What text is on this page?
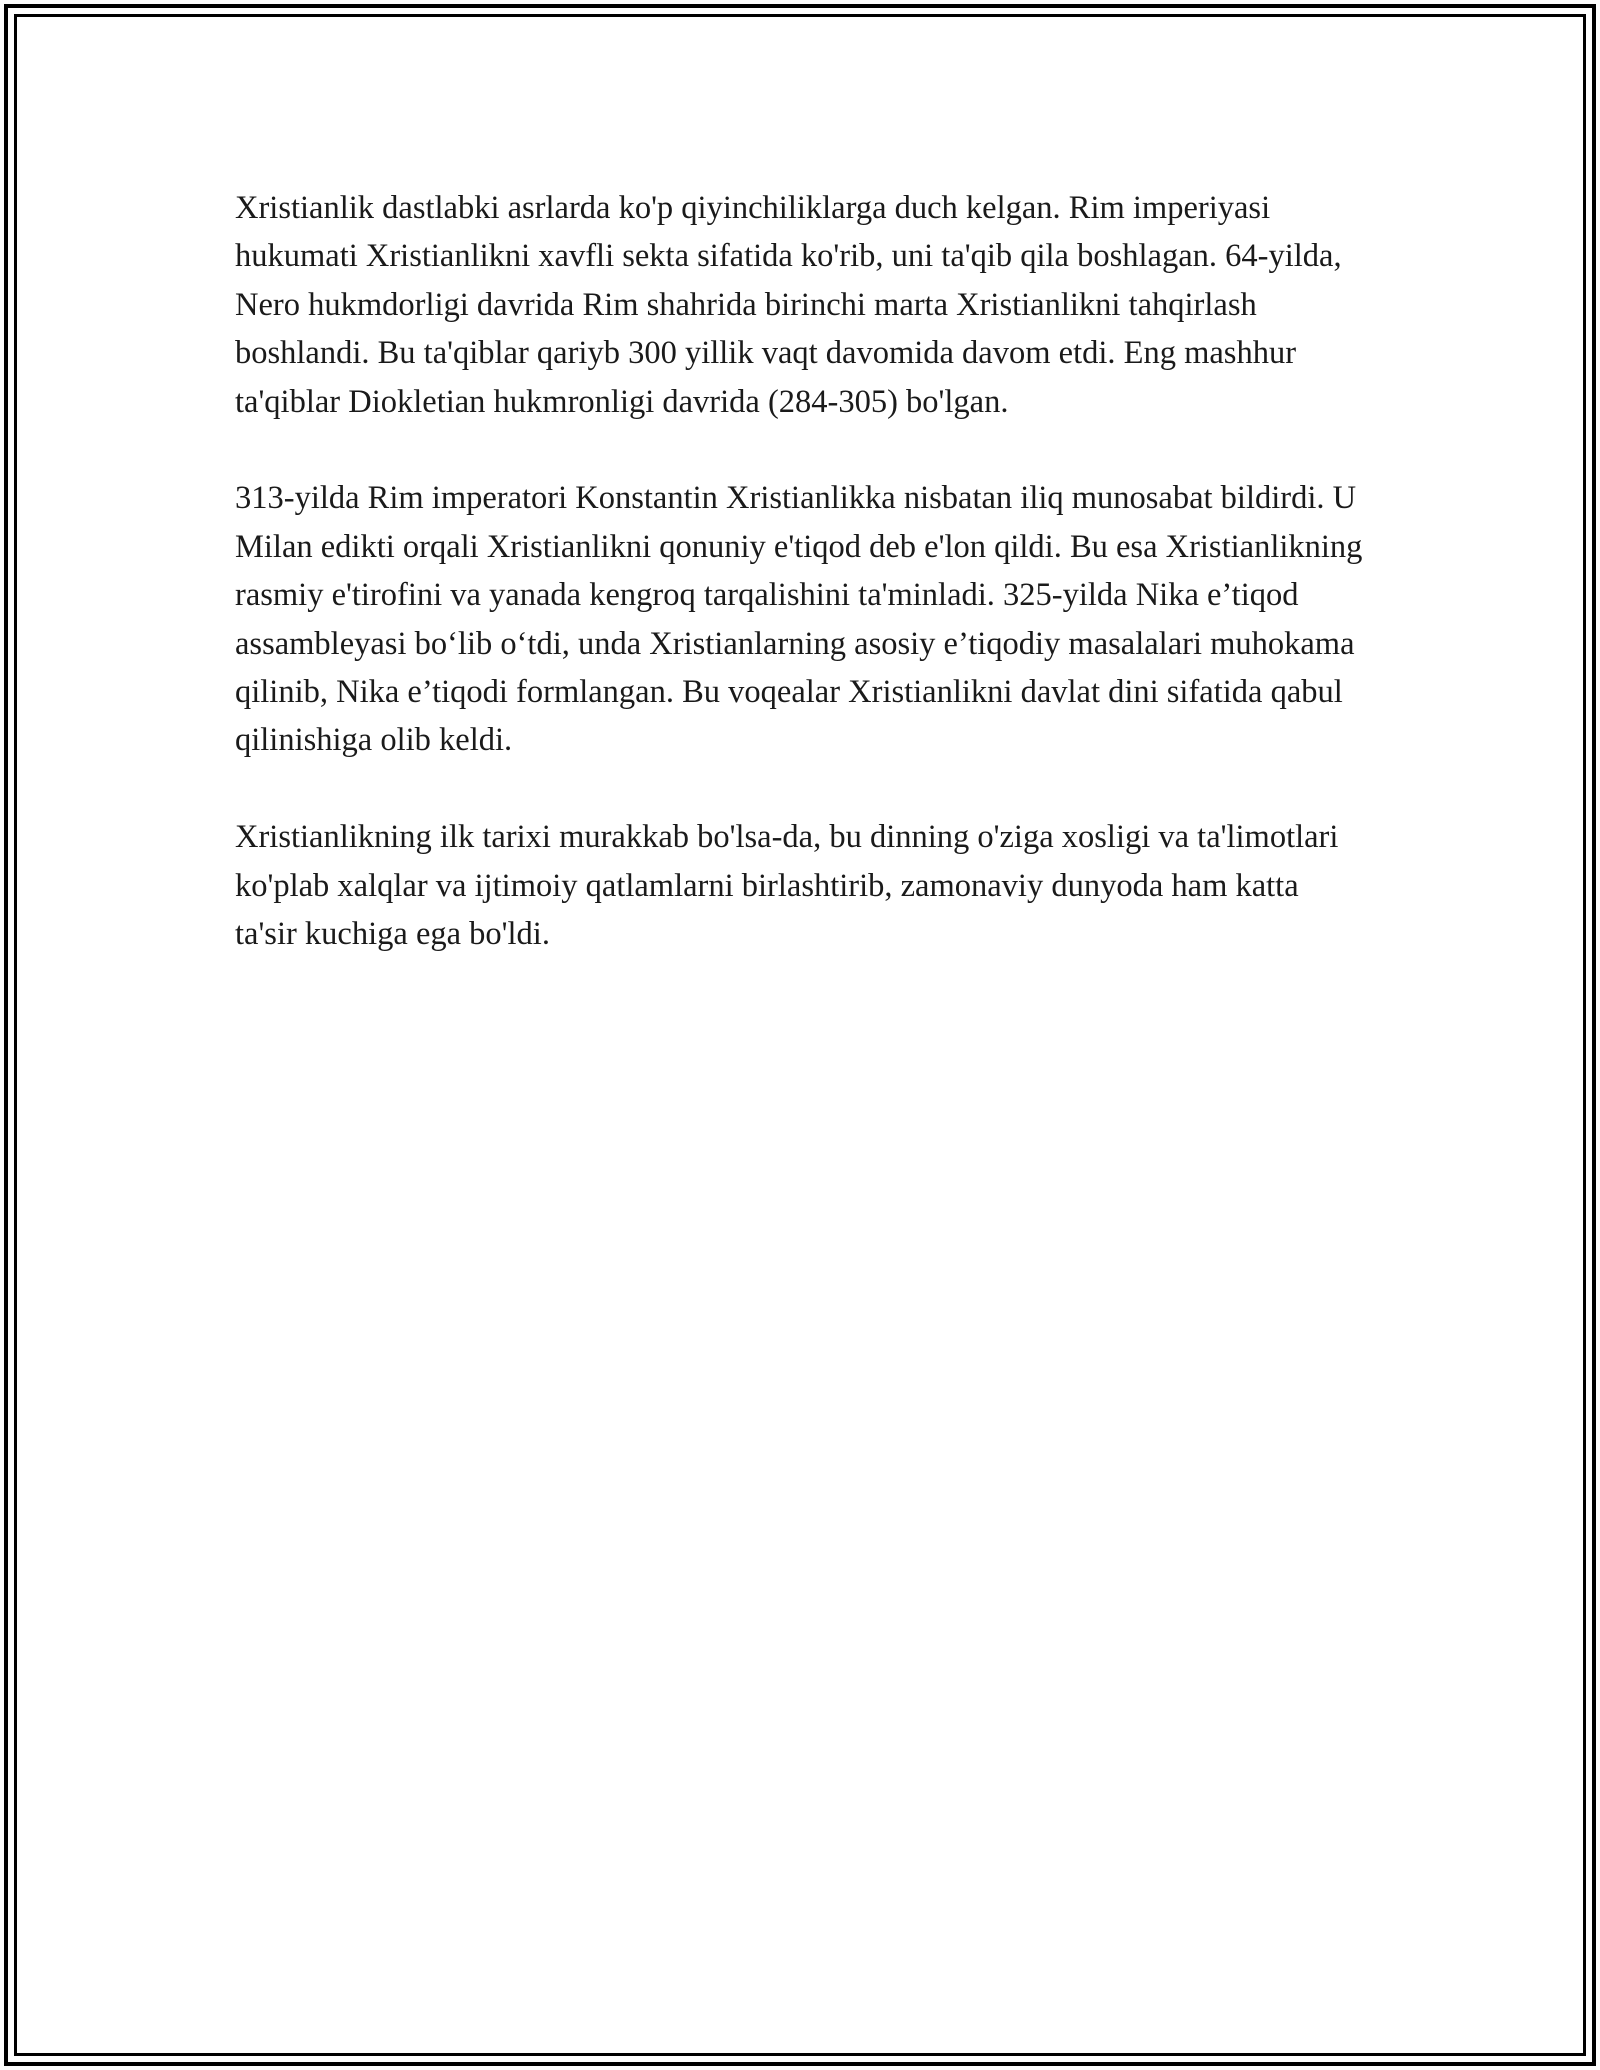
Xristianlik dastlabki asrlarda ko'p qiyinchiliklarga duch kelgan. Rim imperiyasi hukumati Xristianlikni xavfli sekta sifatida ko'rib, uni ta'qib qila boshlagan. 64-yilda, Nero hukmdorligi davrida Rim shahrida birinchi marta Xristianlikni tahqirlash boshlandi. Bu ta'qiblar qariyb 300 yillik vaqt davomida davom etdi. Eng mashhur ta'qiblar Diokletian hukmronligi davrida (284-305) bo'lgan.

313-yilda Rim imperatori Konstantin Xristianlikka nisbatan iliq munosabat bildirdi. U Milan edikti orqali Xristianlikni qonuniy e'tiqod deb e'lon qildi. Bu esa Xristianlikning rasmiy e'tirofini va yanada kengroq tarqalishini ta'minladi. 325-yilda Nika e’tiqod assambleyasi bo‘lib o‘tdi, unda Xristianlarning asosiy e’tiqodiy masalalari muhokama qilinib, Nika e’tiqodi formlangan. Bu voqealar Xristianlikni davlat dini sifatida qabul qilinishiga olib keldi.

Xristianlikning ilk tarixi murakkab bo'lsa-da, bu dinning o'ziga xosligi va ta'limotlari ko'plab xalqlar va ijtimoiy qatlamlarni birlashtirib, zamonaviy dunyoda ham katta ta'sir kuchiga ega bo'ldi.
